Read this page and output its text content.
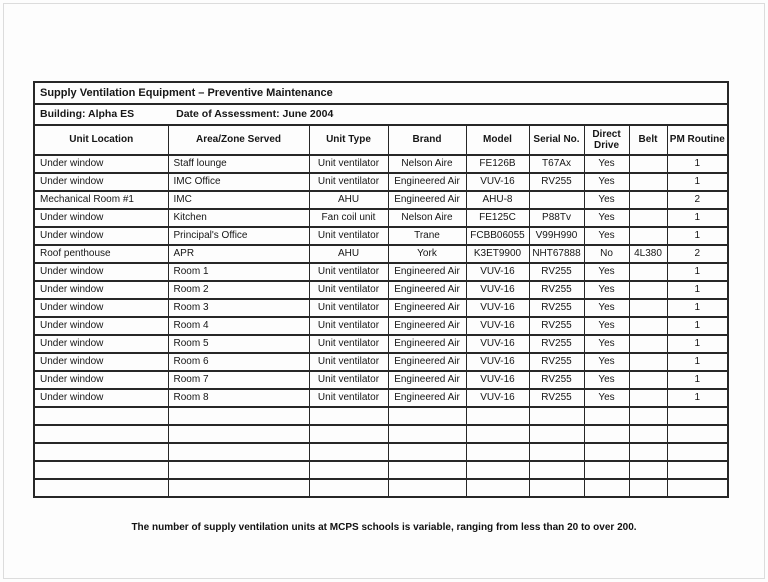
Supply Ventilation Equipment – Preventive Maintenance								
Building: Alpha ES Date of Assessment: June 2004								
Unit Location	Area/Zone Served	Unit Type	Brand	Model	Serial No.	Direct Drive	Belt	PM Routine
Under window	Staff lounge	Unit ventilator	Nelson Aire	FE126B	T67Ax	Yes		1
Under window	IMC Office	Unit ventilator	Engineered Air	VUV-16	RV255	Yes		1
Mechanical Room #1	IMC	AHU	Engineered Air	AHU-8		Yes		2
Under window	Kitchen	Fan coil unit	Nelson Aire	FE125C	P88Tv	Yes		1
Under window	Principal's Office	Unit ventilator	Trane	FCBB06055	V99H990	Yes		1
Roof penthouse	APR	AHU	York	K3ET9900	NHT67888	No	4L380	2
Under window	Room 1	Unit ventilator	Engineered Air	VUV-16	RV255	Yes		1
Under window	Room 2	Unit ventilator	Engineered Air	VUV-16	RV255	Yes		1
Under window	Room 3	Unit ventilator	Engineered Air	VUV-16	RV255	Yes		1
Under window	Room 4	Unit ventilator	Engineered Air	VUV-16	RV255	Yes		1
Under window	Room 5	Unit ventilator	Engineered Air	VUV-16	RV255	Yes		1
Under window	Room 6	Unit ventilator	Engineered Air	VUV-16	RV255	Yes		1
Under window	Room 7	Unit ventilator	Engineered Air	VUV-16	RV255	Yes		1
Under window	Room 8	Unit ventilator	Engineered Air	VUV-16	RV255	Yes		1

The number of supply ventilation units at MCPS schools is variable, ranging from less than 20 to over 200.
